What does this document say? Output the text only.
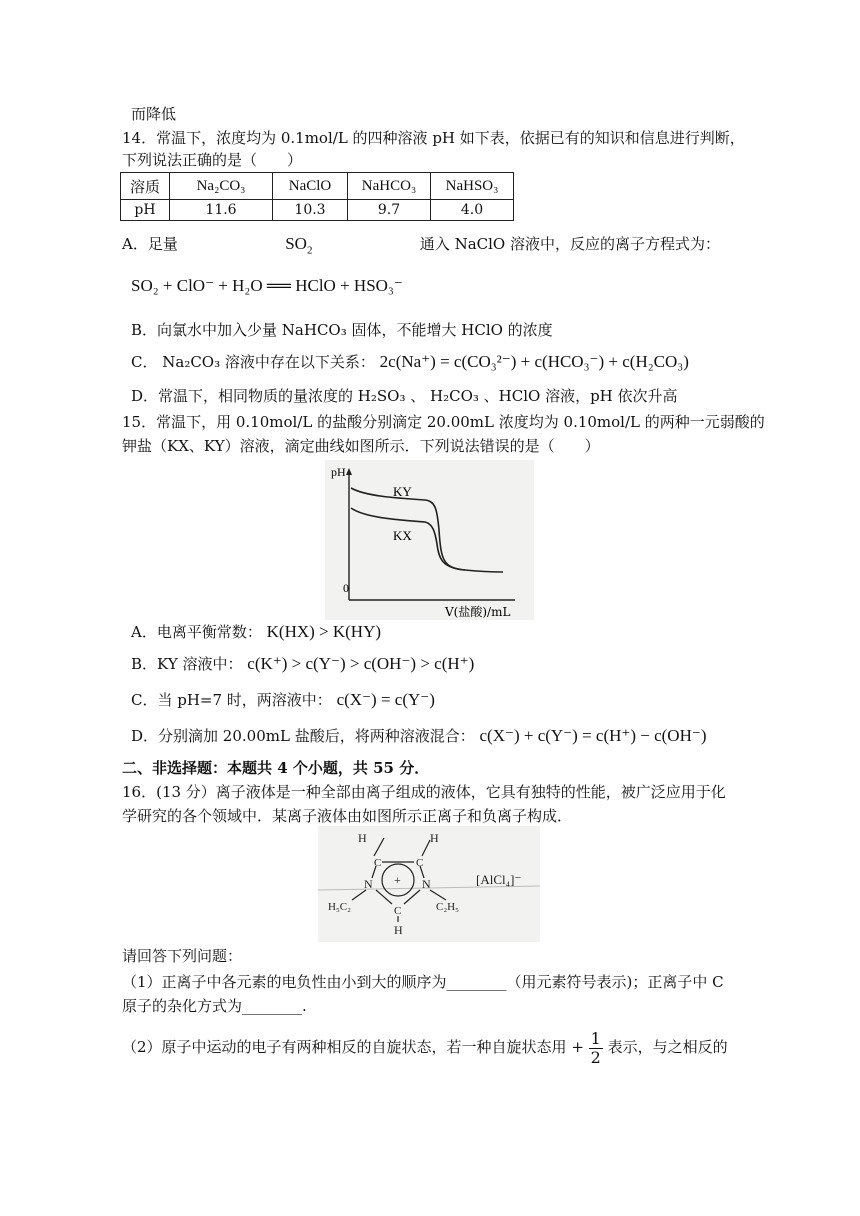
而降低
14．常温下，浓度均为 0.1mol/L 的四种溶液 pH 如下表，依据已有的知识和信息进行判断，
下列说法正确的是（　　）
溶质	Na₂CO₃	NaClO	NaHCO₃	NaHSO₃
pH	11.6	10.3	9.7	4.0
A．足量	$SO_2$	通入 NaClO 溶液中，反应的离子方程式为：
SO₂ + ClO⁻ + H₂O ══ HClO + HSO₃⁻
B．向氯水中加入少量 NaHCO₃ 固体，不能增大 HClO 的浓度
C． Na₂CO₃ 溶液中存在以下关系： 2c(Na⁺) = c(CO₃²⁻) + c(HCO₃⁻) + c(H₂CO₃)
D．常温下，相同物质的量浓度的 H₂SO₃ 、 H₂CO₃ 、HClO 溶液，pH 依次升高
15．常温下，用 0.10mol/L 的盐酸分别滴定 20.00mL 浓度均为 0.10mol/L 的两种一元弱酸的
钾盐（KX、KY）溶液，滴定曲线如图所示．下列说法错误的是（　　）
pH
0
KY
KX
V(盐酸)/mL
A．电离平衡常数： K(HX) > K(HY)
B．KY 溶液中： c(K⁺) > c(Y⁻) > c(OH⁻) > c(H⁺)
C．当 pH=7 时，两溶液中： c(X⁻) = c(Y⁻)
D．分别滴加 20.00mL 盐酸后，将两种溶液混合： c(X⁻) + c(Y⁻) = c(H⁺) − c(OH⁻)
二、非选择题：本题共 4 个小题，共 55 分．
16．(13 分）离子液体是一种全部由离子组成的液体，它具有独特的性能，被广泛应用于化
学研究的各个领域中．某离子液体由如图所示正离子和负离子构成．
H	H
C	C
N	N
+
C
H
H₅C₂	C₂H₅
[AlCl₄]⁻
请回答下列问题：
（1）正离子中各元素的电负性由小到大的顺序为________（用元素符号表示)；正离子中 C
原子的杂化方式为________.
（2）原子中运动的电子有两种相反的自旋状态，若一种自旋状态用 + $\frac{1}{2}$ 表示，与之相反的
